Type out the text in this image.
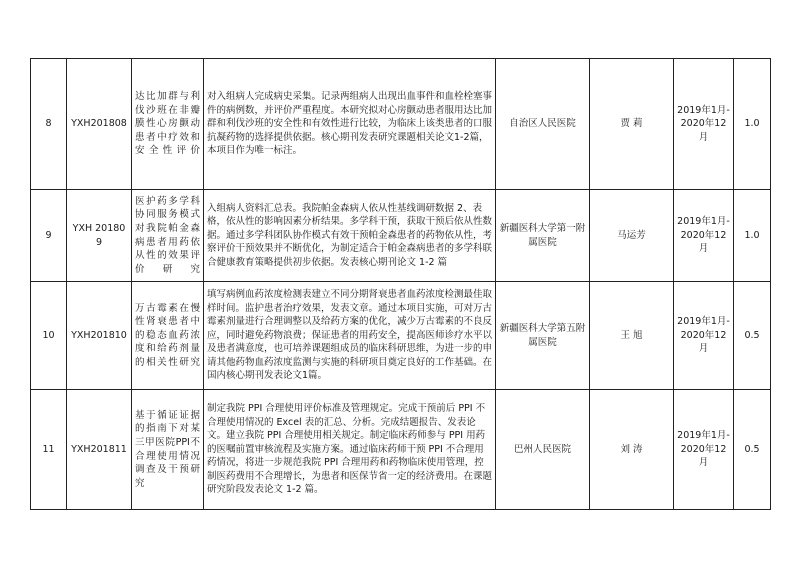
8	YXH201808	达比加群与利伐沙班在非瓣膜性心房颤动患者中疗效和安全性评价	对入组病人完成病史采集。记录两组病人出现出血事件和血栓栓塞事件的病例数，并评价严重程度。本研究拟对心房颤动患者服用达比加群和利伐沙班的安全性和有效性进行比较，为临床上该类患者的口服抗凝药物的选择提供依据。核心期刊发表研究课题相关论文1-2篇，本项目作为唯一标注。	自治区人民医院	贾 莉	2019年1月-2020年12月	1.0
9	YXH 201809	医护药多学科协同服务模式对我院帕金森病患者用药依从性的效果评价研究	入组病人资料汇总表。我院帕金森病人依从性基线调研数据 2、表格，依从性的影响因素分析结果。多学科干预，获取干预后依从性数据。通过多学科团队协作模式有效干预帕金森患者的药物依从性，考察评价干预效果并不断优化，为制定适合于帕金森病患者的多学科联合健康教育策略提供初步依据。发表核心期刊论文 1-2 篇	新疆医科大学第一附属医院	马运芳	2019年1月-2020年12月	1.0
10	YXH201810	万古霉素在慢性肾衰患者中的稳态血药浓度和给药剂量的相关性研究	填写病例血药浓度检测表建立不同分期肾衰患者血药浓度检测最佳取样时间。监护患者治疗效果，发表文章。通过本项目实施，可对万古霉素剂量进行合理调整以及给药方案的优化，减少万古霉素的不良反应，同时避免药物浪费；保证患者的用药安全，提高医师诊疗水平以及患者满意度，也可培养课题组成员的临床科研思维，为进一步的申请其他药物血药浓度监测与实施的科研项目奠定良好的工作基础。在国内核心期刊发表论文1篇。	新疆医科大学第五附属医院	王 旭	2019年1月-2020年12月	0.5
11	YXH201811	基于循证证据的指南下对某三甲医院PPI不合理使用情况调查及干预研究	制定我院 PPI 合理使用评价标准及管理规定。完成干预前后 PPI 不合理使用情况的 Excel 表的汇总、分析。完成结题报告、发表论文。建立我院 PPI 合理使用相关规定。制定临床药师参与 PPI 用药的医嘱前置审核流程及实施方案。通过临床药师干预 PPI 不合理用药情况，将进一步规范我院 PPI 合理用药和药物临床使用管理，控制医药费用不合理增长，为患者和医保节省一定的经济费用。在课题研究阶段发表论文 1-2 篇。	巴州人民医院	刘 涛	2019年1月-2020年12月	0.5
